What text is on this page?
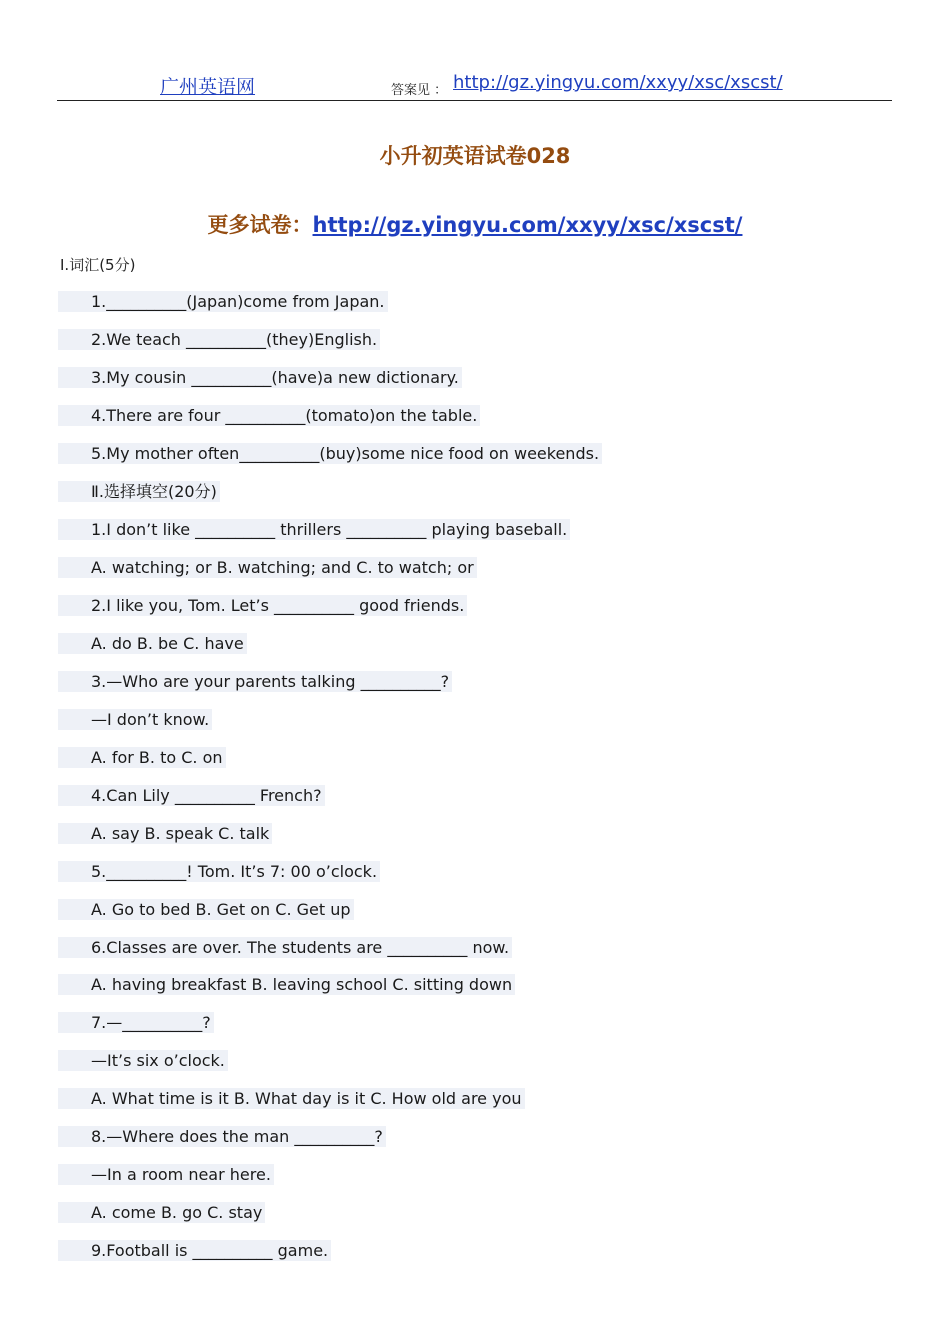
广州英语网	答案见 ： http://gz.yingyu.com/xxyy/xsc/xscst/
小升初英语试卷028
更多试卷：http://gz.yingyu.com/xxyy/xsc/xscst/
Ⅰ.词汇(5分)
1.__________(Japan)come from Japan.
2.We teach __________(they)English.
3.My cousin __________(have)a new dictionary.
4.There are four __________(tomato)on the table.
5.My mother often__________(buy)some nice food on weekends.
Ⅱ.选择填空(20分)
1.I don’t like __________ thrillers __________ playing baseball.
A. watching; or B. watching; and C. to watch; or
2.I like you, Tom. Let’s __________ good friends.
A. do B. be C. have
3.—Who are your parents talking __________?
—I don’t know.
A. for B. to C. on
4.Can Lily __________ French?
A. say B. speak C. talk
5.__________! Tom. It’s 7: 00 o’clock.
A. Go to bed B. Get on C. Get up
6.Classes are over. The students are __________ now.
A. having breakfast B. leaving school C. sitting down
7.—__________?
—It’s six o’clock.
A. What time is it B. What day is it C. How old are you
8.—Where does the man __________?
—In a room near here.
A. come B. go C. stay
9.Football is __________ game.
